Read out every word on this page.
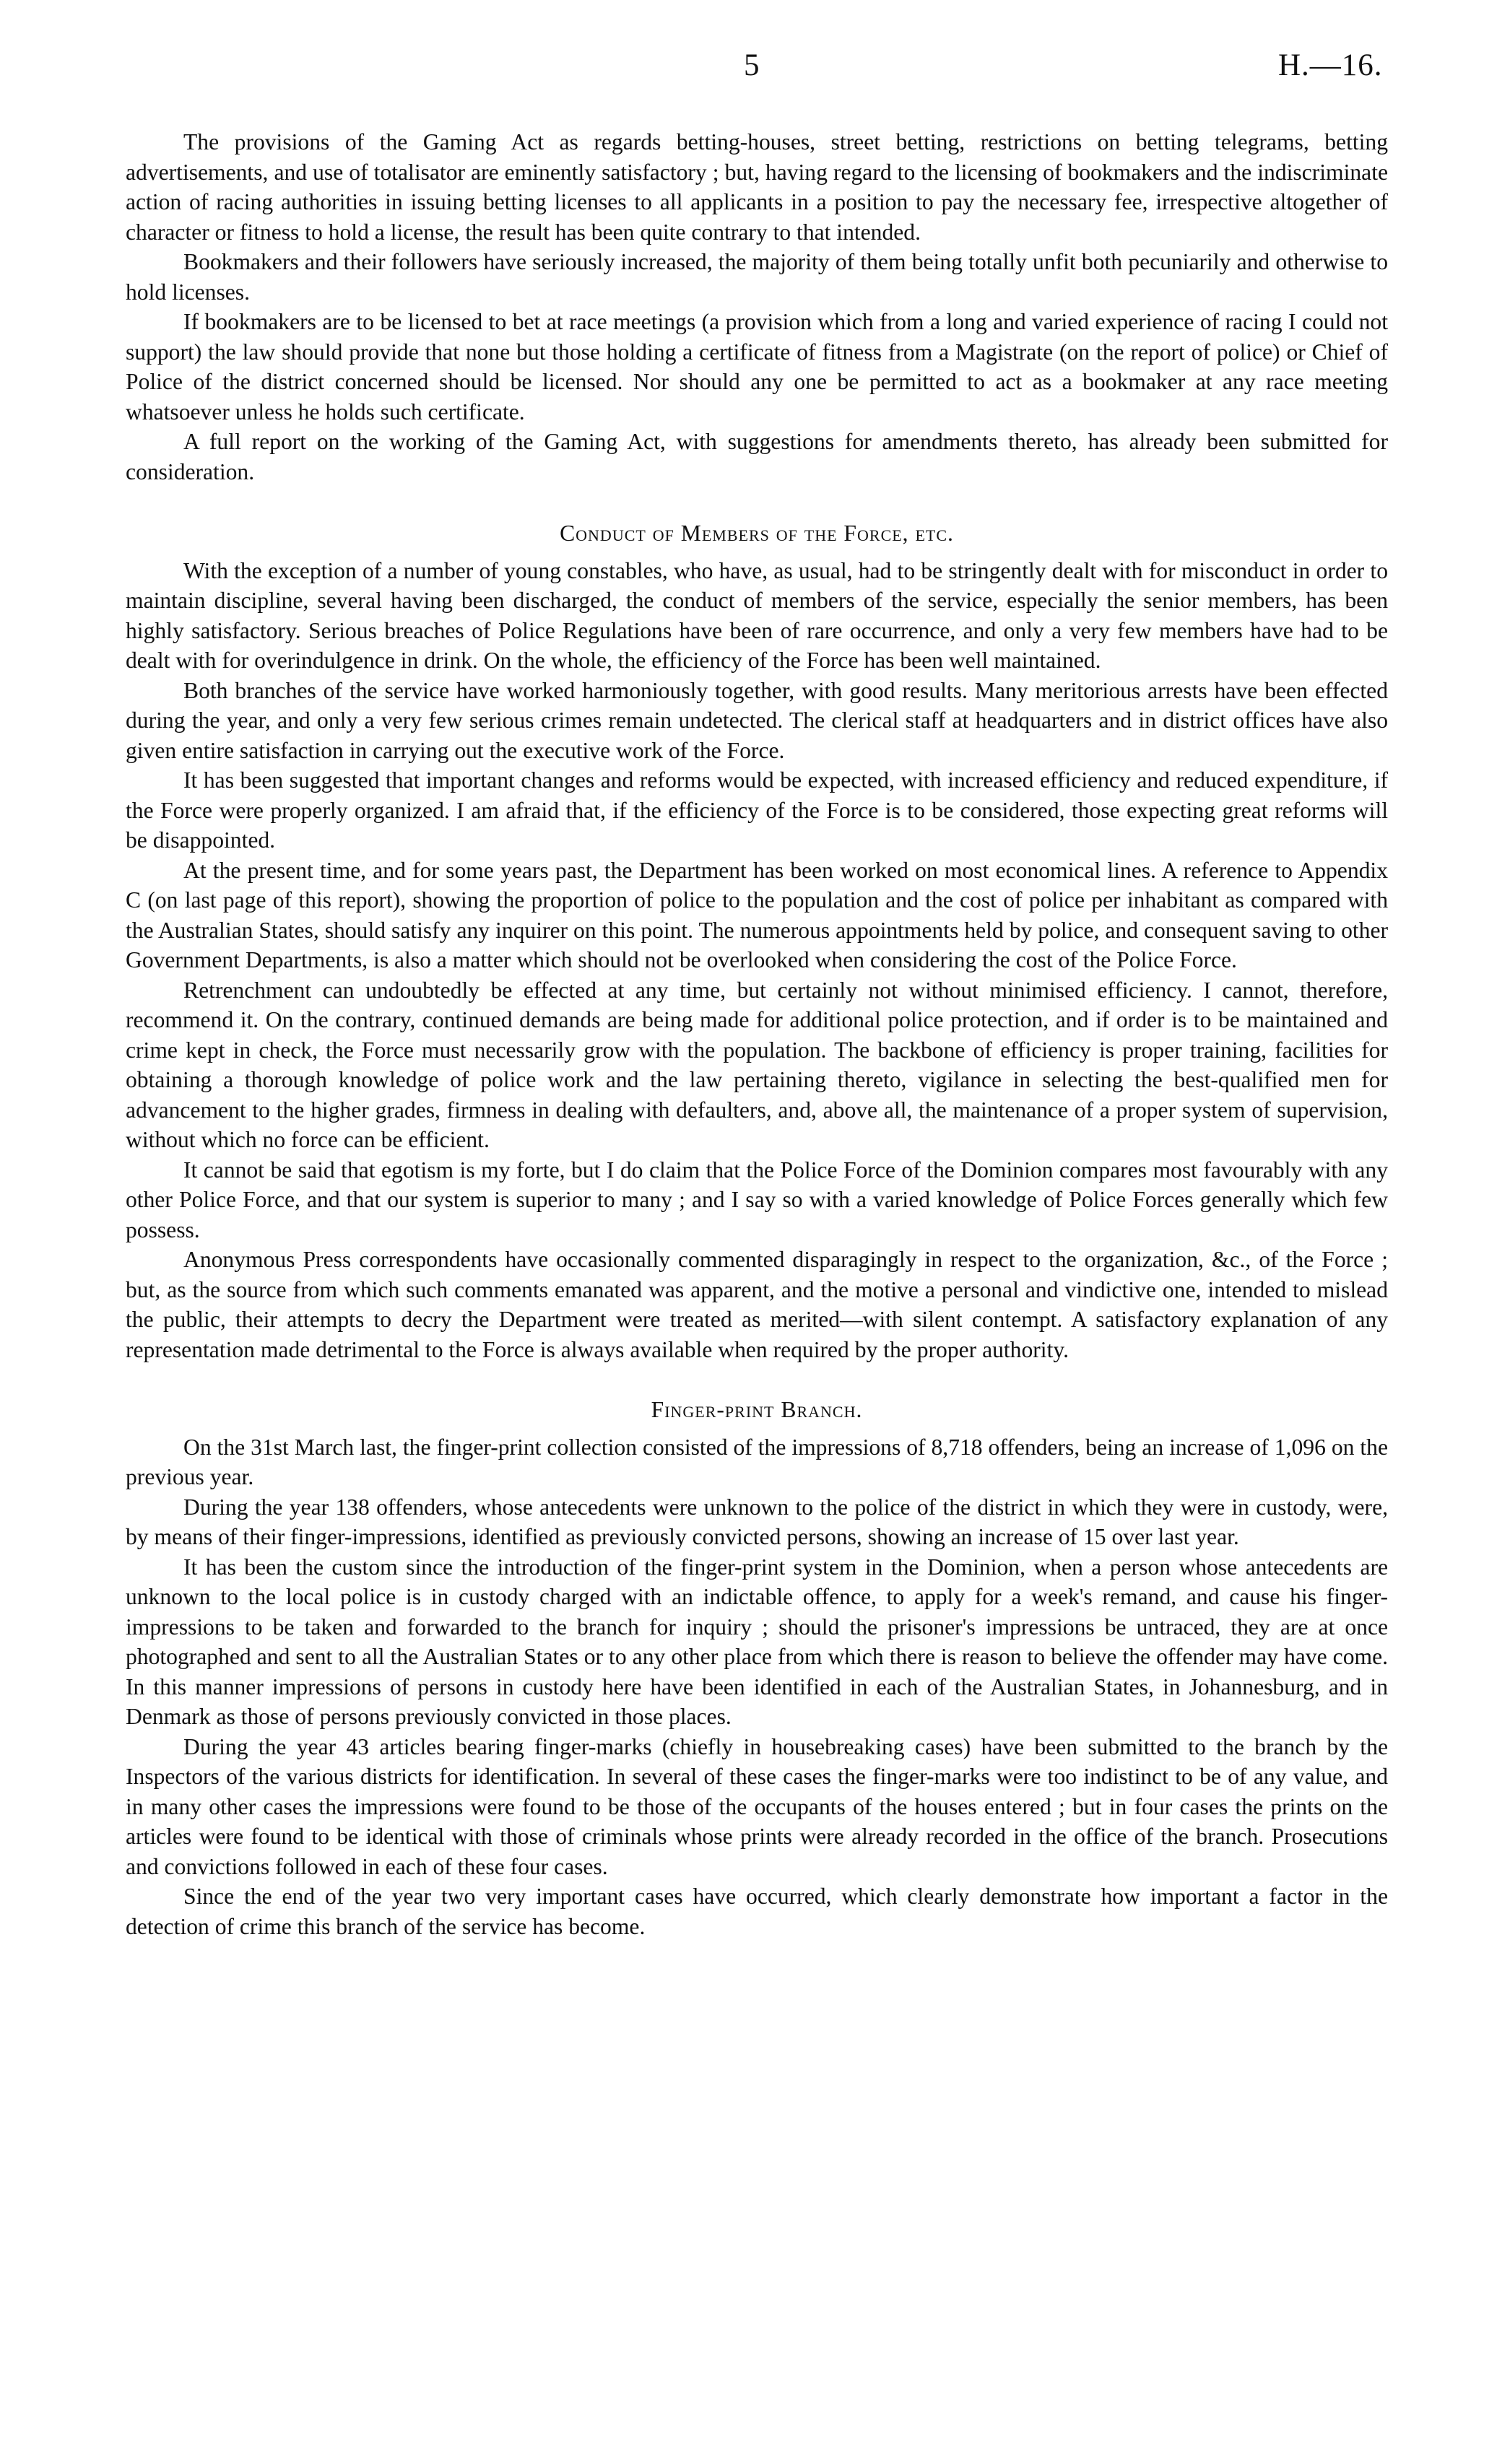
5	H.—16.

The provisions of the Gaming Act as regards betting-houses, street betting, restrictions on betting telegrams, betting advertisements, and use of totalisator are eminently satisfactory ; but, having regard to the licensing of bookmakers and the indiscriminate action of racing authorities in issuing betting licenses to all applicants in a position to pay the necessary fee, irrespective altogether of character or fitness to hold a license, the result has been quite contrary to that intended.

Bookmakers and their followers have seriously increased, the majority of them being totally unfit both pecuniarily and otherwise to hold licenses.

If bookmakers are to be licensed to bet at race meetings (a provision which from a long and varied experience of racing I could not support) the law should provide that none but those holding a certificate of fitness from a Magistrate (on the report of police) or Chief of Police of the district concerned should be licensed. Nor should any one be permitted to act as a bookmaker at any race meeting whatsoever unless he holds such certificate.

A full report on the working of the Gaming Act, with suggestions for amendments thereto, has already been submitted for consideration.

Conduct of Members of the Force, etc.

With the exception of a number of young constables, who have, as usual, had to be stringently dealt with for misconduct in order to maintain discipline, several having been discharged, the conduct of members of the service, especially the senior members, has been highly satisfactory. Serious breaches of Police Regulations have been of rare occurrence, and only a very few members have had to be dealt with for overindulgence in drink. On the whole, the efficiency of the Force has been well maintained.

Both branches of the service have worked harmoniously together, with good results. Many meritorious arrests have been effected during the year, and only a very few serious crimes remain undetected. The clerical staff at headquarters and in district offices have also given entire satisfaction in carrying out the executive work of the Force.

It has been suggested that important changes and reforms would be expected, with increased efficiency and reduced expenditure, if the Force were properly organized. I am afraid that, if the efficiency of the Force is to be considered, those expecting great reforms will be disappointed.

At the present time, and for some years past, the Department has been worked on most economical lines. A reference to Appendix C (on last page of this report), showing the proportion of police to the population and the cost of police per inhabitant as compared with the Australian States, should satisfy any inquirer on this point. The numerous appointments held by police, and consequent saving to other Government Departments, is also a matter which should not be overlooked when considering the cost of the Police Force.

Retrenchment can undoubtedly be effected at any time, but certainly not without minimised efficiency. I cannot, therefore, recommend it. On the contrary, continued demands are being made for additional police protection, and if order is to be maintained and crime kept in check, the Force must necessarily grow with the population. The backbone of efficiency is proper training, facilities for obtaining a thorough knowledge of police work and the law pertaining thereto, vigilance in selecting the best-qualified men for advancement to the higher grades, firmness in dealing with defaulters, and, above all, the maintenance of a proper system of supervision, without which no force can be efficient.

It cannot be said that egotism is my forte, but I do claim that the Police Force of the Dominion compares most favourably with any other Police Force, and that our system is superior to many ; and I say so with a varied knowledge of Police Forces generally which few possess.

Anonymous Press correspondents have occasionally commented disparagingly in respect to the organization, &c., of the Force ; but, as the source from which such comments emanated was apparent, and the motive a personal and vindictive one, intended to mislead the public, their attempts to decry the Department were treated as merited—with silent contempt. A satisfactory explanation of any representation made detrimental to the Force is always available when required by the proper authority.

Finger-print Branch.

On the 31st March last, the finger-print collection consisted of the impressions of 8,718 offenders, being an increase of 1,096 on the previous year.

During the year 138 offenders, whose antecedents were unknown to the police of the district in which they were in custody, were, by means of their finger-impressions, identified as previously convicted persons, showing an increase of 15 over last year.

It has been the custom since the introduction of the finger-print system in the Dominion, when a person whose antecedents are unknown to the local police is in custody charged with an indictable offence, to apply for a week's remand, and cause his finger-impressions to be taken and forwarded to the branch for inquiry ; should the prisoner's impressions be untraced, they are at once photographed and sent to all the Australian States or to any other place from which there is reason to believe the offender may have come. In this manner impressions of persons in custody here have been identified in each of the Australian States, in Johannesburg, and in Denmark as those of persons previously convicted in those places.

During the year 43 articles bearing finger-marks (chiefly in housebreaking cases) have been submitted to the branch by the Inspectors of the various districts for identification. In several of these cases the finger-marks were too indistinct to be of any value, and in many other cases the impressions were found to be those of the occupants of the houses entered ; but in four cases the prints on the articles were found to be identical with those of criminals whose prints were already recorded in the office of the branch. Prosecutions and convictions followed in each of these four cases.

Since the end of the year two very important cases have occurred, which clearly demonstrate how important a factor in the detection of crime this branch of the service has become.
